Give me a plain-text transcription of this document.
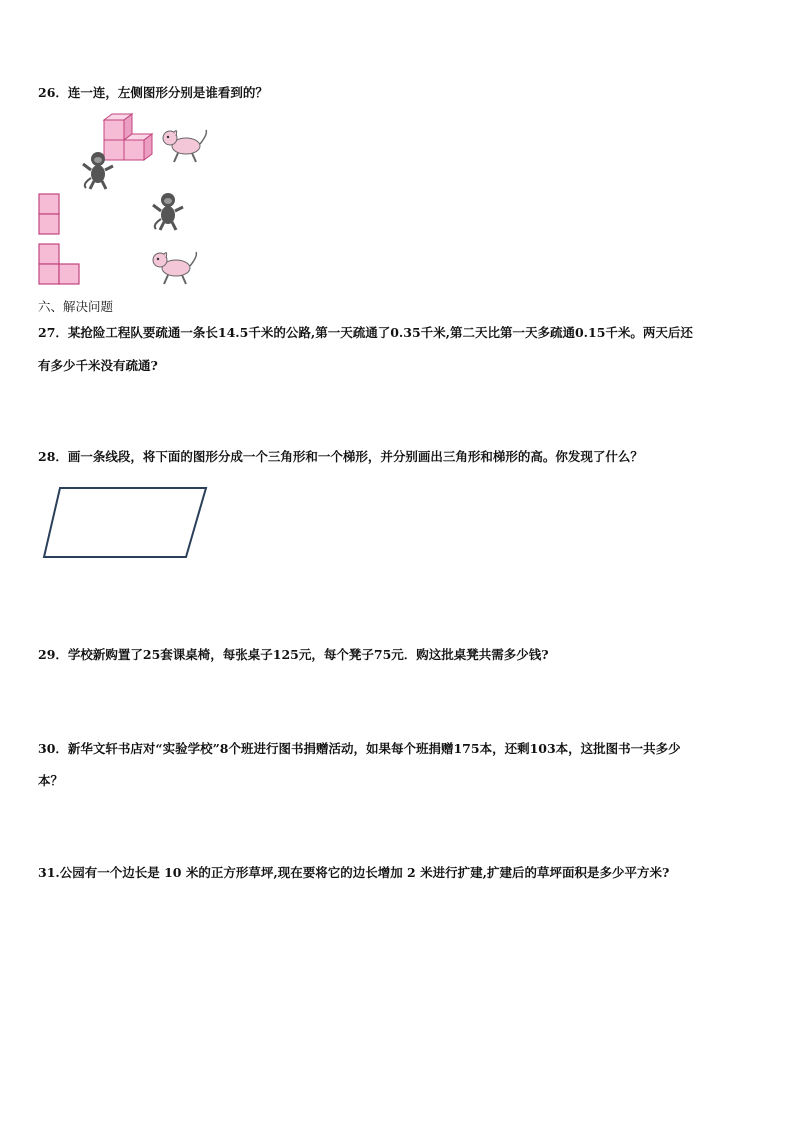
26．连一连，左侧图形分别是谁看到的？
六、解决问题
27．某抢险工程队要疏通一条长14.5千米的公路,第一天疏通了0.35千米,第二天比第一天多疏通0.15千米。两天后还
有多少千米没有疏通?
28．画一条线段，将下面的图形分成一个三角形和一个梯形，并分别画出三角形和梯形的高。你发现了什么？
29．学校新购置了25套课桌椅，每张桌子125元，每个凳子75元．购这批桌凳共需多少钱?
30．新华文轩书店对“实验学校”8个班进行图书捐赠活动，如果每个班捐赠175本，还剩103本，这批图书一共多少
本？
31.公园有一个边长是 10 米的正方形草坪,现在要将它的边长增加 2 米进行扩建,扩建后的草坪面积是多少平方米?
